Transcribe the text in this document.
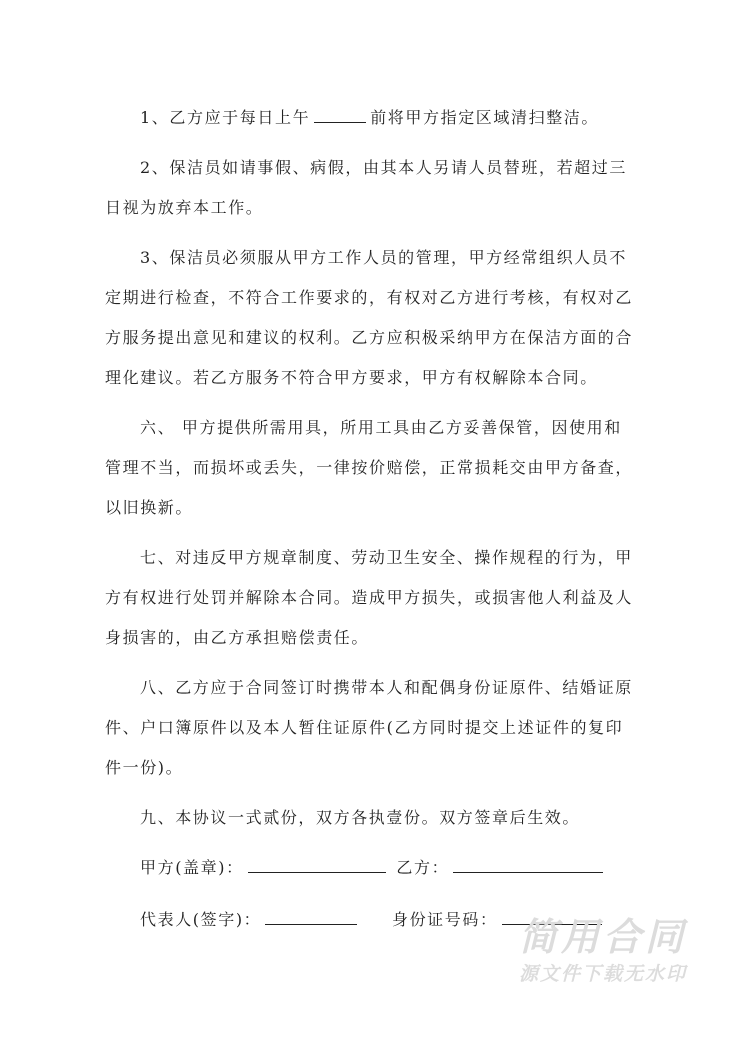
1、乙方应于每日上午	前将甲方指定区域清扫整洁。

2、保洁员如请事假、病假，由其本人另请人员替班，若超过三
日视为放弃本工作。

3、保洁员必须服从甲方工作人员的管理，甲方经常组织人员不
定期进行检查，不符合工作要求的，有权对乙方进行考核，有权对乙
方服务提出意见和建议的权利。乙方应积极采纳甲方在保洁方面的合
理化建议。若乙方服务不符合甲方要求，甲方有权解除本合同。

六、 甲方提供所需用具，所用工具由乙方妥善保管，因使用和
管理不当，而损坏或丢失，一律按价赔偿，正常损耗交由甲方备查，
以旧换新。

七、对违反甲方规章制度、劳动卫生安全、操作规程的行为，甲
方有权进行处罚并解除本合同。造成甲方损失，或损害他人利益及人
身损害的，由乙方承担赔偿责任。

八、乙方应于合同签订时携带本人和配偶身份证原件、结婚证原
件、户口簿原件以及本人暂住证原件(乙方同时提交上述证件的复印
件一份)。

九、本协议一式贰份，双方各执壹份。双方签章后生效。

甲方(盖章)：	乙方：
代表人(签字)：	身份证号码： 简用合同
源文件下载无水印
